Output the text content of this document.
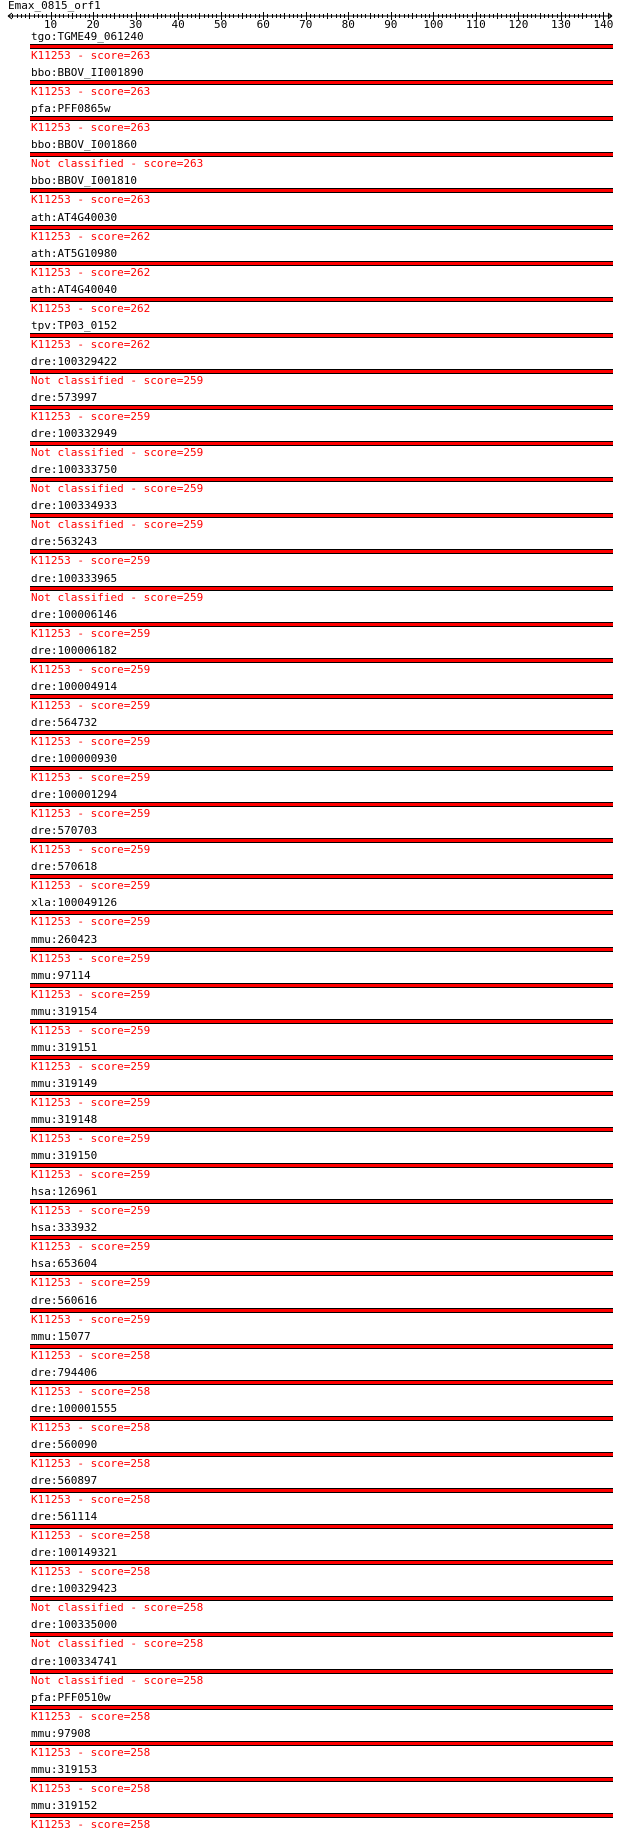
Emax_0815_orf1
10	20	30	40	50	60	70	80	90 100 110 120 130 140
tgo:TGME49_061240
K11253 - score=263
bbo:BBOV_II001890
K11253 - score=263
pfa:PFF0865w
K11253 - score=263
bbo:BBOV_I001860
Not classified - score=263
bbo:BBOV_I001810
K11253 - score=263
ath:AT4G40030
K11253 - score=262
ath:AT5G10980
K11253 - score=262
ath:AT4G40040
K11253 - score=262
tpv:TP03_0152
K11253 - score=262
dre:100329422
Not classified - score=259
dre:573997
K11253 - score=259
dre:100332949
Not classified - score=259
dre:100333750
Not classified - score=259
dre:100334933
Not classified - score=259
dre:563243
K11253 - score=259
dre:100333965
Not classified - score=259
dre:100006146
K11253 - score=259
dre:100006182
K11253 - score=259
dre:100004914
K11253 - score=259
dre:564732
K11253 - score=259
dre:100000930
K11253 - score=259
dre:100001294
K11253 - score=259
dre:570703
K11253 - score=259
dre:570618
K11253 - score=259
xla:100049126
K11253 - score=259
mmu:260423
K11253 - score=259
mmu:97114
K11253 - score=259
mmu:319154
K11253 - score=259
mmu:319151
K11253 - score=259
mmu:319149
K11253 - score=259
mmu:319148
K11253 - score=259
mmu:319150
K11253 - score=259
hsa:126961
K11253 - score=259
hsa:333932
K11253 - score=259
hsa:653604
K11253 - score=259
dre:560616
K11253 - score=259
mmu:15077
K11253 - score=258
dre:794406
K11253 - score=258
dre:100001555
K11253 - score=258
dre:560090
K11253 - score=258
dre:560897
K11253 - score=258
dre:561114
K11253 - score=258
dre:100149321
K11253 - score=258
dre:100329423
Not classified - score=258
dre:100335000
Not classified - score=258
dre:100334741
Not classified - score=258
pfa:PFF0510w
K11253 - score=258
mmu:97908
K11253 - score=258
mmu:319153
K11253 - score=258
mmu:319152
K11253 - score=258
